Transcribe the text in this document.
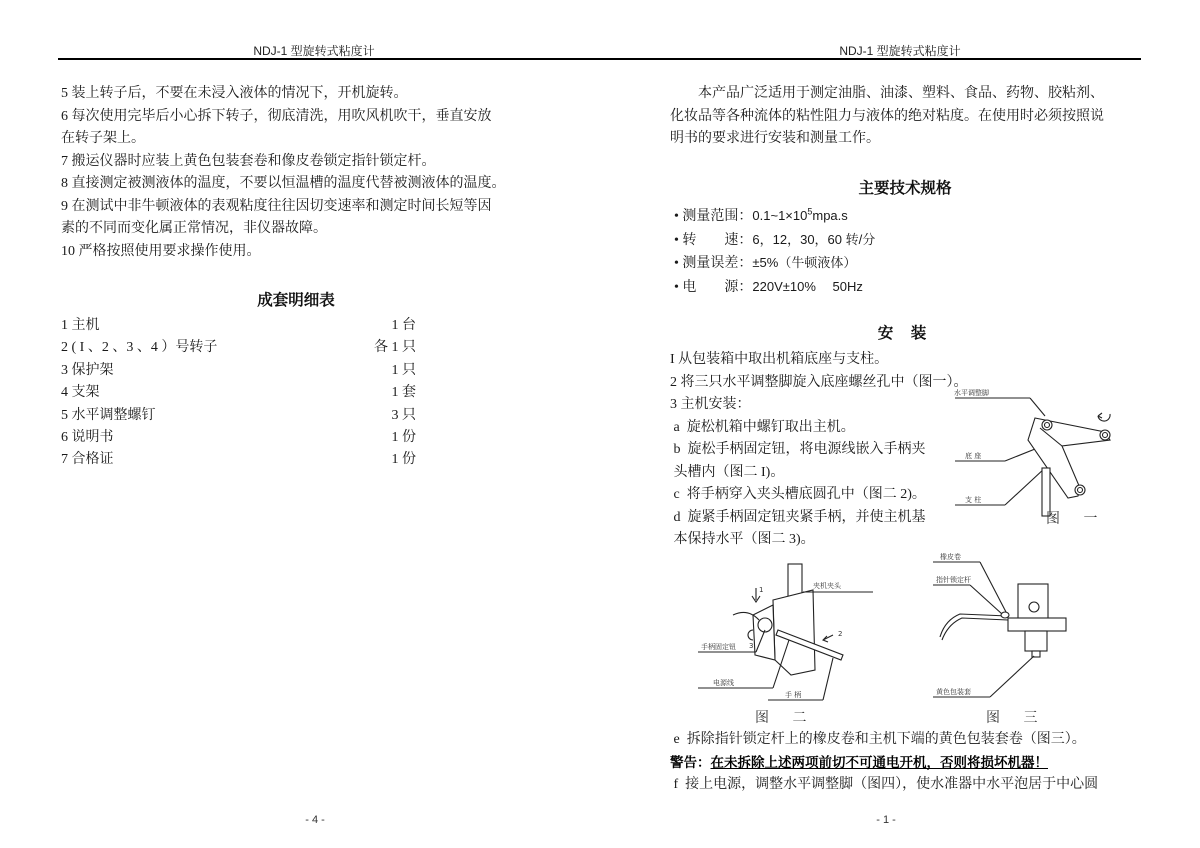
NDJ-1 型旋转式粘度计	NDJ-1 型旋转式粘度计
5 装上转子后，不要在未浸入液体的情况下，开机旋转。
6 每次使用完毕后小心拆下转子，彻底清洗，用吹风机吹干，垂直安放
在转子架上。
7 搬运仪器时应装上黄色包装套卷和像皮卷锁定指针锁定杆。
8 直接测定被测液体的温度，不要以恒温槽的温度代替被测液体的温度。
9 在测试中非牛顿液体的表观粘度往往因切变速率和测定时间长短等因
素的不同而变化属正常情况，非仪器故障。
10 严格按照使用要求操作使用。
成套明细表
1 主机	1 台
2 ( I 、2 、3 、4 ）号转子	各 1 只
3 保护架	1 只
4 支架	1 套
5 水平调整螺钉	3 只
6 说明书	1 份
7 合格证	1 份
- 4 -
本产品广泛适用于测定油脂、油漆、塑料、食品、药物、胶粘剂、
化妆品等各种流体的粘性阻力与液体的绝对粘度。在使用时必须按照说
明书的要求进行安装和测量工作。
主要技术规格
• 测量范围：$0.1\sim 1\times 10^5mpa.s$
• 转　　速：6，12，30，60 转/分
• 测量误差：±5%（牛顿液体）
• 电　　源：220V±10%　 50Hz
安 装
I 从包装箱中取出机箱底座与支柱。
2 将三只水平调整脚旋入底座螺丝孔中（图一）。
3 主机安装：
a  旋松机箱中螺钉取出主机。
b  旋松手柄固定钮，将电源线嵌入手柄夹
头槽内（图二 I)。
c  将手柄穿入夹头槽底圆孔中（图二 2)。
d  旋紧手柄固定钮夹紧手柄，并使主机基
本保持水平（图二 3)。
水平调整脚
底 座
支 柱
图 一
夹机夹头
手柄固定钮
电源线
手 柄
1
2
3
图 二
橡皮卷
指针锁定杆
黄色包装套
图 三
e  拆除指针锁定杆上的橡皮卷和主机下端的黄色包装套卷（图三）。
警告：在未拆除上述两项前切不可通电开机，否则将损坏机器！
f  接上电源，调整水平调整脚（图四），使水准器中水平泡居于中心圆
- 1 -
